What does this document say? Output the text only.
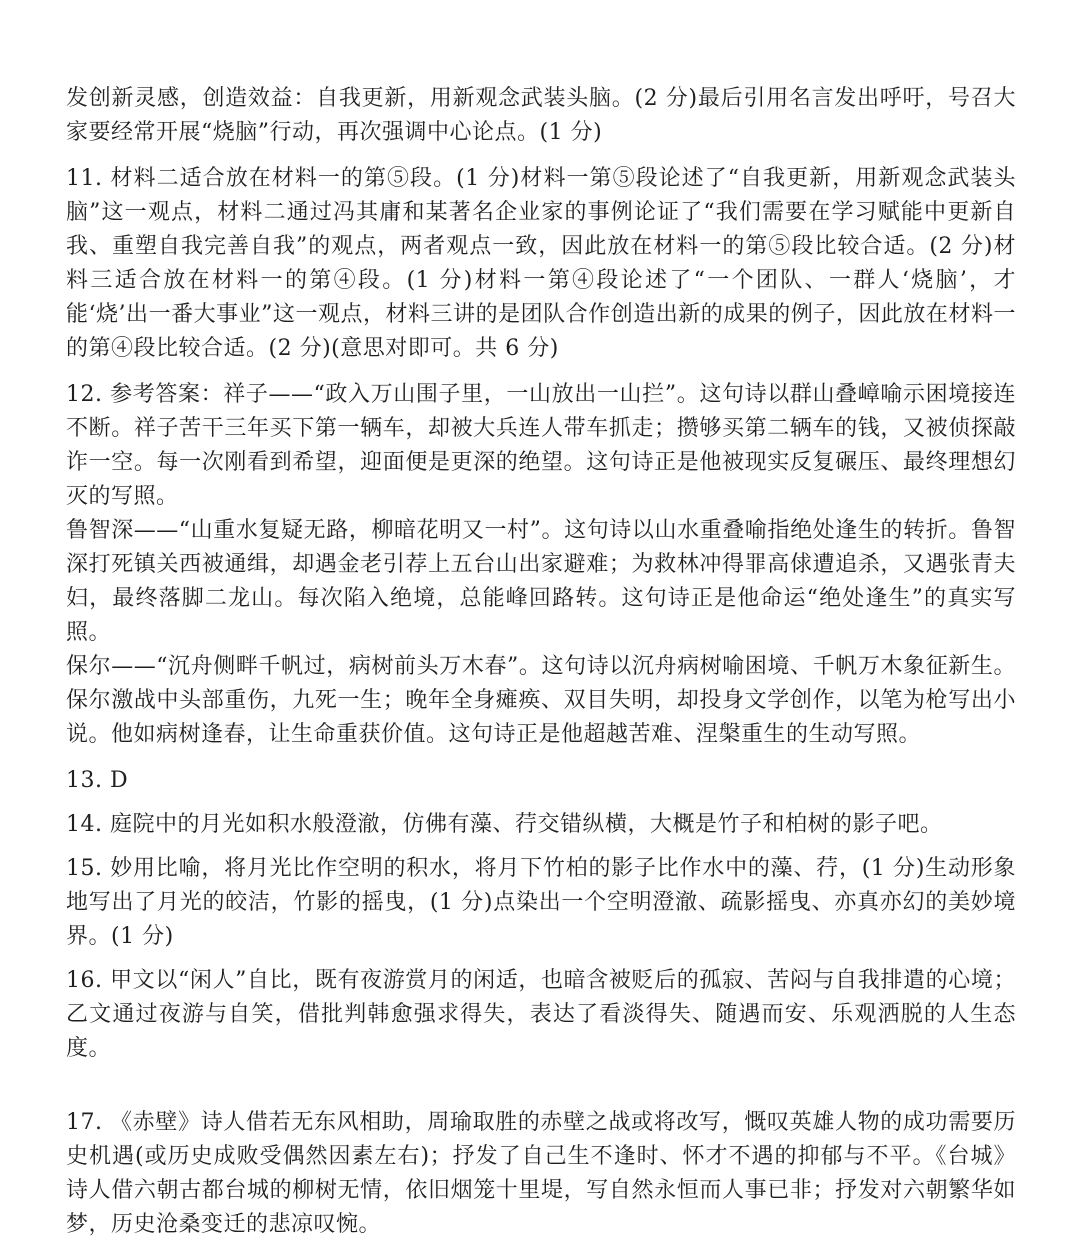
发创新灵感，创造效益：自我更新，用新观念武装头脑。(2 分)最后引用名言发出呼吁，号召大家要经常开展“烧脑”行动，再次强调中心论点。(1 分)

11. 材料二适合放在材料一的第⑤段。(1 分)材料一第⑤段论述了“自我更新，用新观念武装头脑”这一观点，材料二通过冯其庸和某著名企业家的事例论证了“我们需要在学习赋能中更新自我、重塑自我完善自我”的观点，两者观点一致，因此放在材料一的第⑤段比较合适。(2 分)材料三适合放在材料一的第④段。(1 分)材料一第④段论述了“一个团队、一群人‘烧脑’，才能‘烧’出一番大事业”这一观点，材料三讲的是团队合作创造出新的成果的例子，因此放在材料一的第④段比较合适。(2 分)(意思对即可。共 6 分)

12. 参考答案：祥子——“政入万山围子里，一山放出一山拦”。这句诗以群山叠嶂喻示困境接连不断。祥子苦干三年买下第一辆车，却被大兵连人带车抓走；攒够买第二辆车的钱，又被侦探敲诈一空。每一次刚看到希望，迎面便是更深的绝望。这句诗正是他被现实反复碾压、最终理想幻灭的写照。

鲁智深——“山重水复疑无路，柳暗花明又一村”。这句诗以山水重叠喻指绝处逢生的转折。鲁智深打死镇关西被通缉，却遇金老引荐上五台山出家避难；为救林冲得罪高俅遭追杀，又遇张青夫妇，最终落脚二龙山。每次陷入绝境，总能峰回路转。这句诗正是他命运“绝处逢生”的真实写照。

保尔——“沉舟侧畔千帆过，病树前头万木春”。这句诗以沉舟病树喻困境、千帆万木象征新生。保尔激战中头部重伤，九死一生；晚年全身瘫痪、双目失明，却投身文学创作，以笔为枪写出小说。他如病树逢春，让生命重获价值。这句诗正是他超越苦难、涅槃重生的生动写照。

13. D

14. 庭院中的月光如积水般澄澈，仿佛有藻、荇交错纵横，大概是竹子和柏树的影子吧。

15. 妙用比喻，将月光比作空明的积水，将月下竹柏的影子比作水中的藻、荇，(1 分)生动形象地写出了月光的皎洁，竹影的摇曳，(1 分)点染出一个空明澄澈、疏影摇曳、亦真亦幻的美妙境界。(1 分)

16. 甲文以“闲人”自比，既有夜游赏月的闲适，也暗含被贬后的孤寂、苦闷与自我排遣的心境；乙文通过夜游与自笑，借批判韩愈强求得失，表达了看淡得失、随遇而安、乐观洒脱的人生态度。

17. 《赤壁》诗人借若无东风相助，周瑜取胜的赤壁之战或将改写，慨叹英雄人物的成功需要历史机遇(或历史成败受偶然因素左右)；抒发了自己生不逢时、怀才不遇的抑郁与不平。《台城》诗人借六朝古都台城的柳树无情，依旧烟笼十里堤，写自然永恒而人事已非；抒发对六朝繁华如梦，历史沧桑变迁的悲凉叹惋。
